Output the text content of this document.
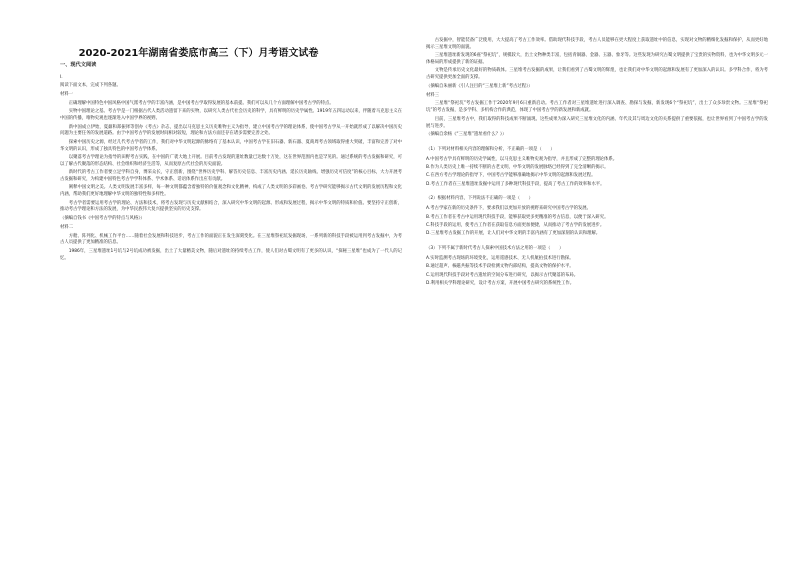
2020-2021年湖南省娄底市高三（下）月考语文试卷
一、现代文阅读
I.
阅读下面文本，完成下列各题。
材料一
正确理解中国特色中国风格中国气派考古学的丰富内涵，是中国考古学取得发展的基本前提。我们可以从几个方面理解中国考古学的特点。
实物中国理论之基。考古学是一门根据古代人类活动遗留下来的实物，以研究人类古代社会历史的科学，具有鲜明的历史学属性。1919年五四运动以来，伴随着马克思主义在中国的传播，唯物史观也逐渐进入中国学界的视野。
新中国成立伊始，夏鼐和郑振铎等创办《考古》杂志，提出以马克思主义历史唯物主义为指导，建立中国考古学的理论体系，使中国考古学从一开始就形成了以解决中国历史问题为主要任务的发展道路。由于中国考古学的发展时间相对较短，理论和方法方面还存在诸多需要完善之处。
探索中国历史之源，经过几代考古学者的工作，我们对中华文明起源的脉络有了基本认识，中国考古学在旧石器、新石器、夏商周考古领域取得重大突破，丰富和完善了对中华文明的认识，形成了独具特色的中国考古学体系。
以聚落考古学理论为指导的田野考古实践，在中国的广袤大地上开展。目前考古发现的遗址数量已达数十万处，这在世界范围内也是罕见的。通过系统的考古发掘和研究，可以了解古代聚落的形态结构、社会组织和经济生活等，从而复原古代社会的历史面貌。
新时代的考古工作者要立足学科自身，博采众长，守正创新，围绕“世界历史学科、解答历史信息、丰富历史内涵、延长历史轴线、增强历史可信度”的核心目标，大力开展考古发掘和研究，为构建中国特色考古学学科体系、学术体系、话语体系作出应有贡献。
阐释中国文明之美。人类文明发展丰富多样，每一种文明都蕴含着独特的价值观念和文化精神，构成了人类文明的多彩画卷。考古学研究能够揭示古代文明的发展历程和文化内涵，帮助我们更好地理解中华文明的独特性和多样性。
考古学者需要运用考古学的理论、方法和技术，将考古发现与历史文献相结合，深入研究中华文明的起源、形成和发展过程，揭示中华文明的特质和价值。要坚持守正创新，推动考古学理论和方法的发展，为中华民族伟大复兴提供坚实的历史支撑。
（摘编自钱书《中国考古学的特点与风格》）
材料二
方舱、阵列化、机械工作平台……随着社会发展和科技进步，考古工作的面貌正在发生深刻变化。在三星堆祭祀坑发掘现场，一系列新的科技手段被运用到考古发掘中，为考古人员提供了更加精准的信息。
1986年，三星堆遗址1号坑与2号坑成功被发掘，出土了大量精美文物，随后对遗址的持续考古工作，使人们对古蜀文明有了更多的认识，“探秘三星堆”也成为了一代人的记忆。
古发掘中，智能装备广泛使用，大大提高了考古工作效率。借助现代科技手段，考古人员能够在更大程度上获取遗址中的信息，实现对文物的精细化发掘和保护，从而更好地揭示三星堆文明的面貌。
三星堆遗址新发现的6座“祭祀坑”，规模较大，出土文物种类丰富，包括青铜器、金器、玉器、象牙等。这些发现为研究古蜀文明提供了宝贵的实物资料，也为中华文明多元一体格局的形成提供了新的证据。
文物是传承历史文化最好的物质载体。三星堆考古发掘的成果，让我们看到了古蜀文明的辉煌，也让我们对中华文明的起源和发展有了更加深入的认识。多学科合作，将为考古研究提供更加全面的支撑。
（摘编自朱丽新《引人注目的“三星堆上新”考古过程》）
材料三
三星堆“祭祀坑”考古发掘工作于2020年9月6日重新启动。考古工作者对三星堆遗址进行深入调查、勘探与发掘，新发现6个“祭祀坑”，出土了众多珍贵文物。三星堆“祭祀坑”的考古发掘，是多学科、多机构合作的典范，体现了中国考古学的新发展和新成就。
目前，三星堆考古中，我们取得的科技成果不断涌现。这些成果为深入研究三星堆文化的内涵、年代及其与周边文化的关系提供了重要依据，也让世界看到了中国考古学的发展与进步。
（摘编自余杨《“三星堆”遗址看什么？》）
（1）下列对材料相关内容的理解和分析，不正确的一项是（　　）
A.中国考古学具有鲜明的历史学属性，以马克思主义唯物史观为指导，并且形成了完整的理论体系。
B.作为人类历史上唯一持续不断的古老文明，中华文明的发展脉络已经得到了完全清晰的揭示。
C.在西方考古学理论的指导下，中国考古学能够准确地揭示中华文明的起源和发展过程。
D.考古工作者在三星堆遗址发掘中运用了多种现代科技手段，提高了考古工作的效率和水平。
（2）根据材料内容，下列说法不正确的一项是（　　）
A.考古学家在新的历史条件下，要求我们以更加开放的视野来研究中国考古学的发展。
B.考古工作者在考古中运用现代科技手段，能够获取更多更精准的考古信息，以便于深入研究。
C.科技手段的运用，使考古工作者在获取信息方面更加便捷，从而推动了考古学的发展进步。
D.三星堆考古发掘工作的开展，让人们对中华文明的丰富内涵有了更加深刻的认识和理解。
（3）下列不属于新时代考古人探索中国技术方法之用的一项是（　　）
A.实时监测考古现场的环境变化，运用遥感技术、无人机航拍技术进行勘探。
B.通过超声、核磁共振等技术手段检测文物内部结构，提高文物的保护水平。
C.运用现代科技手段对考古遗址的空间分布进行研究，以揭示古代聚落的布局。
D.利用相关学科理论研究，设计考古方案，开展中国考古研究的系统性工作。
